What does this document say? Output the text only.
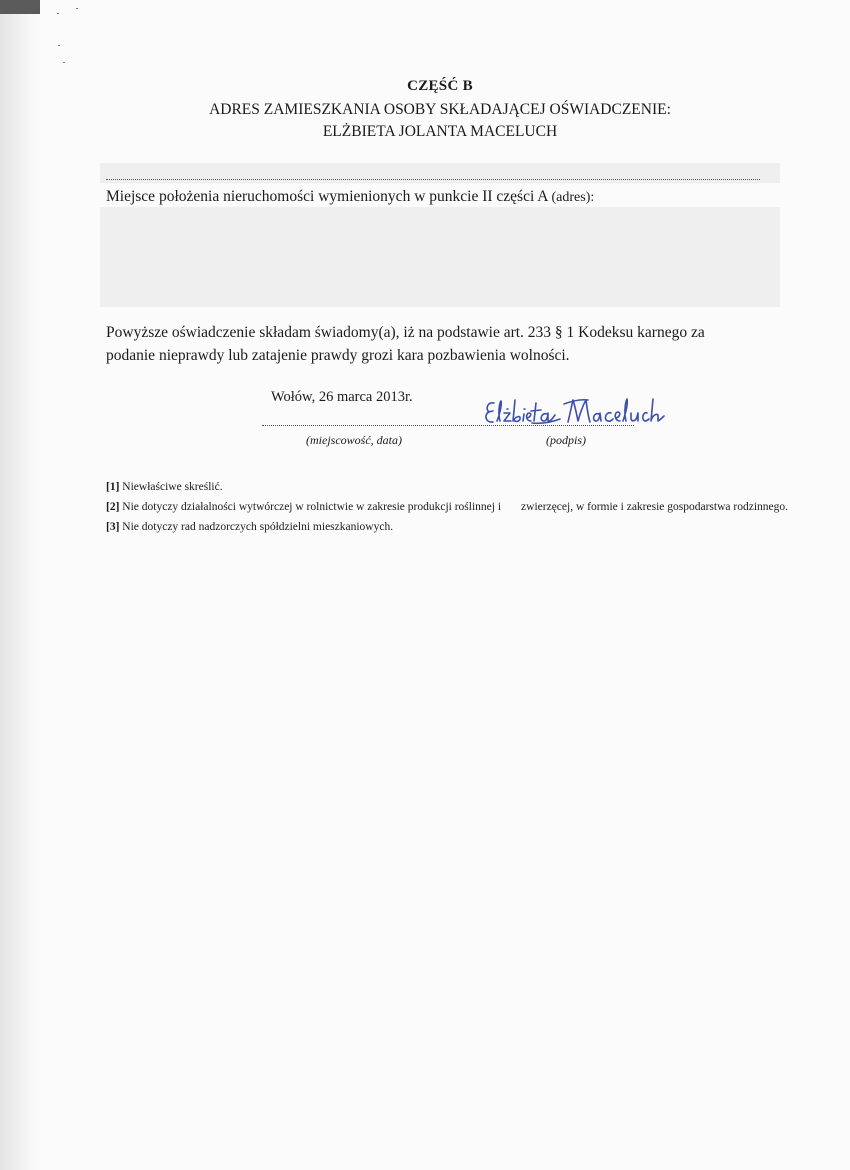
CZĘŚĆ B
ADRES ZAMIESZKANIA OSOBY SKŁADAJĄCEJ OŚWIADCZENIE:
ELŻBIETA JOLANTA MACELUCH
Miejsce położenia nieruchomości wymienionych w punkcie II części A (adres):
Powyższe oświadczenie składam świadomy(a), iż na podstawie art. 233 § 1 Kodeksu karnego za
podanie nieprawdy lub zatajenie prawdy grozi kara pozbawienia wolności.
Wołów, 26 marca 2013r.
(miejscowość, data)	(podpis)
[1] Niewłaściwe skreślić.
[2] Nie dotyczy działalności wytwórczej w rolnictwie w zakresie produkcji roślinnej i zwierzęcej, w formie i zakresie gospodarstwa rodzinnego.
[3] Nie dotyczy rad nadzorczych spółdzielni mieszkaniowych.
